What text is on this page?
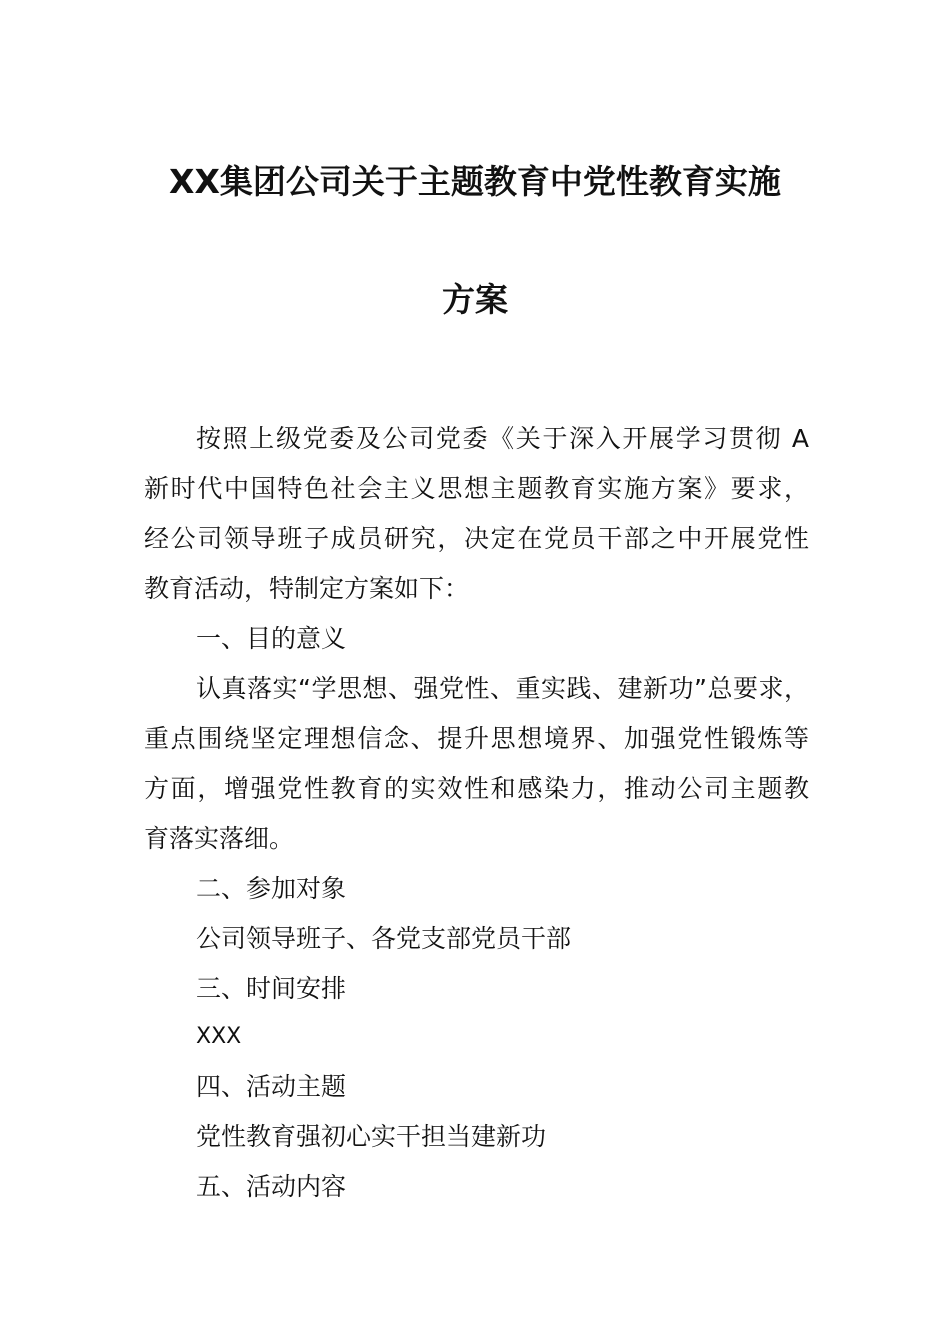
XX集团公司关于主题教育中党性教育实施
方案
按照上级党委及公司党委《关于深入开展学习贯彻 A
新时代中国特色社会主义思想主题教育实施方案》要求，
经公司领导班子成员研究，决定在党员干部之中开展党性
教育活动，特制定方案如下：
一、目的意义
认真落实“学思想、强党性、重实践、建新功”总要求，
重点围绕坚定理想信念、提升思想境界、加强党性锻炼等
方面，增强党性教育的实效性和感染力，推动公司主题教
育落实落细。
二、参加对象
公司领导班子、各党支部党员干部
三、时间安排
XXX
四、活动主题
党性教育强初心实干担当建新功
五、活动内容
